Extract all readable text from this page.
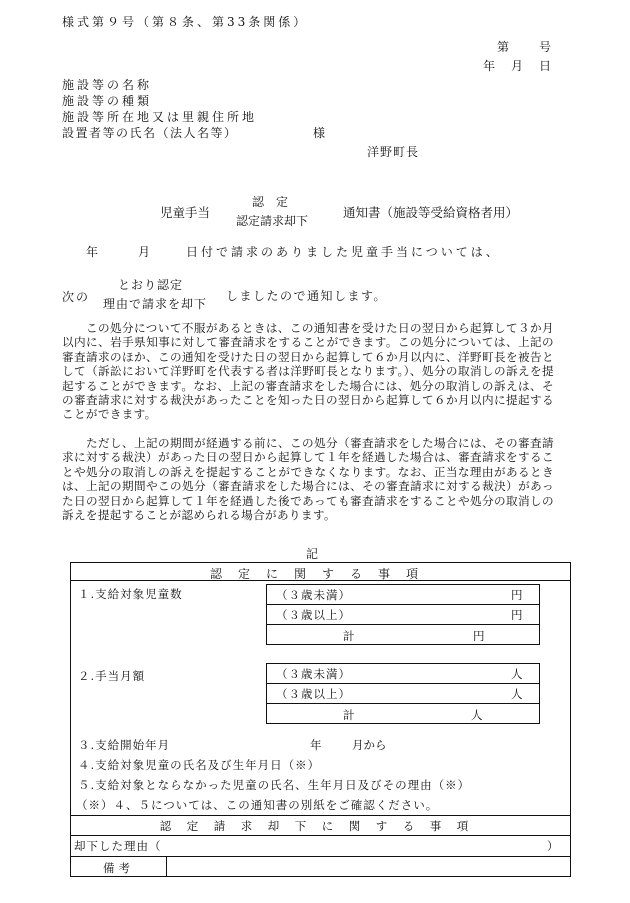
様式第９号（第８条、第33条関係）
第　　号
年　月　日
施設等の名称
施設等の種類
施設等所在地又は里親住所地
設置者等の氏名（法人名等）	様
洋野町長
児童手当
認　定
認定請求却下
通知書（施設等受給資格者用）
年	月	日付で請求のありました児童手当については、
次の
とおり認定
理由で請求を却下
しましたので通知します。
この処分について不服があるときは、この通知書を受けた日の翌日から起算して３か月以内に、岩手県知事に対して審査請求をすることができます。この処分については、上記の審査請求のほか、この通知を受けた日の翌日から起算して６か月以内に、洋野町長を被告として（訴訟において洋野町を代表する者は洋野町長となります。）、処分の取消しの訴えを提起することができます。なお、上記の審査請求をした場合には、処分の取消しの訴えは、その審査請求に対する裁決があったことを知った日の翌日から起算して６か月以内に提起することができます。
ただし、上記の期間が経過する前に、この処分（審査請求をした場合には、その審査請求に対する裁決）があった日の翌日から起算して１年を経過した場合は、審査請求をすることや処分の取消しの訴えを提起することができなくなります。なお、正当な理由があるときは、上記の期間やこの処分（審査請求をした場合には、その審査請求に対する裁決）があった日の翌日から起算して１年を経過した後であっても審査請求をすることや処分の取消しの訴えを提起することが認められる場合があります。
記
認　定　に　関　す　る　事　項
１.支給対象児童数	（３歳未満）	円
（３歳以上）	円
計	円
２.手当月額	（３歳未満）	人
（３歳以上）	人
計	人
３.支給開始年月	年	月から
４.支給対象児童の氏名及び生年月日（※）
５.支給対象とならなかった児童の氏名、生年月日及びその理由（※）
（※）４、５については、この通知書の別紙をご確認ください。
認　定　請　求　却　下　に　関　す　る　事　項
却下した理由（	）
備考
